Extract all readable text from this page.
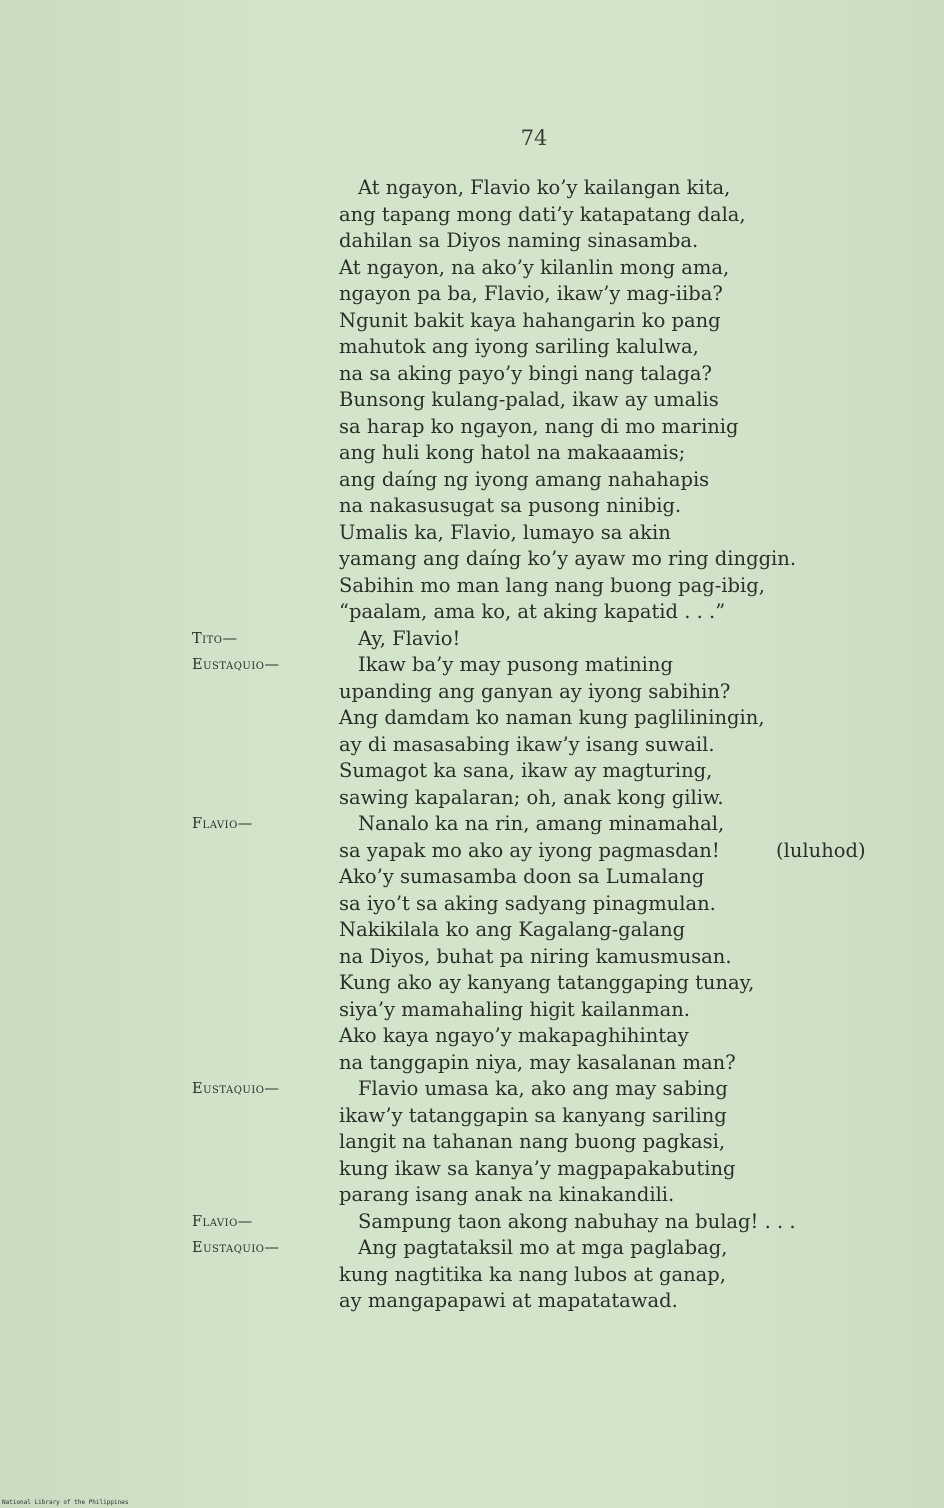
74
At ngayon, Flavio ko’y kailangan kita,
ang tapang mong dati’y katapatang dala,
dahilan sa Diyos naming sinasamba.
At ngayon, na ako’y kilanlin mong ama,
ngayon pa ba, Flavio, ikaw’y mag-iiba?
Ngunit bakit kaya hahangarin ko pang
mahutok ang iyong sariling kalulwa,
na sa aking payo’y bingi nang talaga?
Bunsong kulang-palad, ikaw ay umalis
sa harap ko ngayon, nang di mo marinig
ang huli kong hatol na makaaamis;
ang daíng ng iyong amang nahahapis
na nakasusugat sa pusong ninibig.
Umalis ka, Flavio, lumayo sa akin
yamang ang daíng ko’y ayaw mo ring dinggin.
Sabihin mo man lang nang buong pag-ibig,
“paalam, ama ko, at aking kapatid . . .”
Tito—	Ay, Flavio!
Eustaquio—	Ikaw ba’y may pusong matining
upanding ang ganyan ay iyong sabihin?
Ang damdam ko naman kung pagliliningin,
ay di masasabing ikaw’y isang suwail.
Sumagot ka sana, ikaw ay magturing,
sawing kapalaran; oh, anak kong giliw.
Flavio—	Nanalo ka na rin, amang minamahal,
sa yapak mo ako ay iyong pagmasdan!	(luluhod)
Ako’y sumasamba doon sa Lumalang
sa iyo’t sa aking sadyang pinagmulan.
Nakikilala ko ang Kagalang-galang
na Diyos, buhat pa niring kamusmusan.
Kung ako ay kanyang tatanggaping tunay,
siya’y mamahaling higit kailanman.
Ako kaya ngayo’y makapaghihintay
na tanggapin niya, may kasalanan man?
Eustaquio—	Flavio umasa ka, ako ang may sabing
ikaw’y tatanggapin sa kanyang sariling
langit na tahanan nang buong pagkasi,
kung ikaw sa kanya’y magpapakabuting
parang isang anak na kinakandili.
Flavio—	Sampung taon akong nabuhay na bulag! . . .
Eustaquio—	Ang pagtataksil mo at mga paglabag,
kung nagtitika ka nang lubos at ganap,
ay mangapapawi at mapatatawad.
National Library of the Philippines
